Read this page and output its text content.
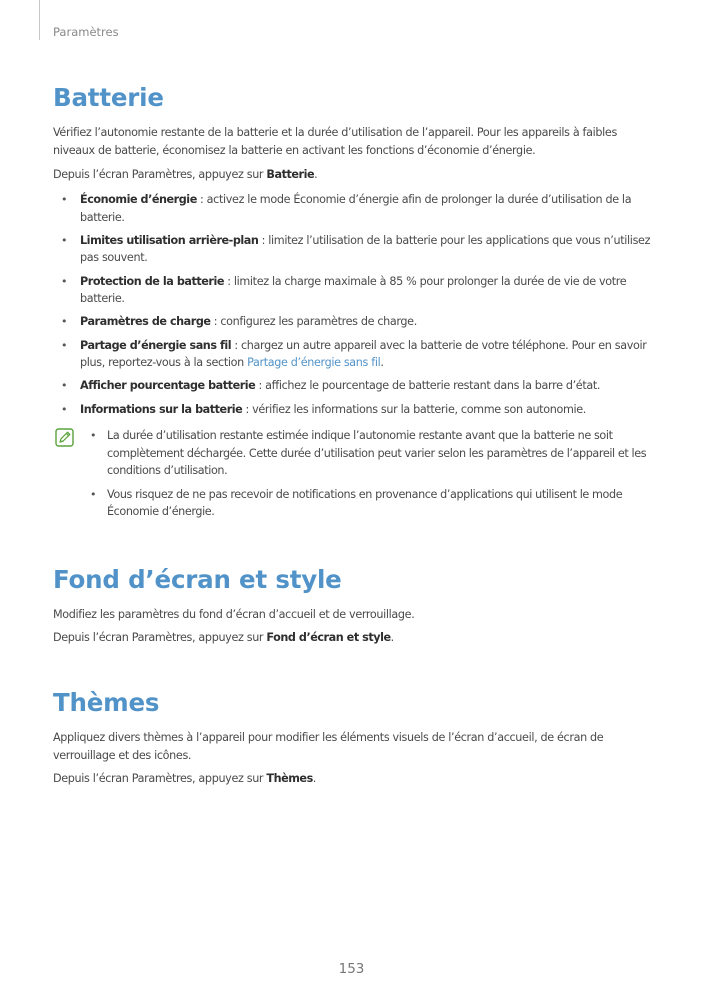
Paramètres
Batterie

Vérifiez l’autonomie restante de la batterie et la durée d’utilisation de l’appareil. Pour les appareils à faibles niveaux de batterie, économisez la batterie en activant les fonctions d’économie d’énergie.

Depuis l’écran Paramètres, appuyez sur Batterie.

• Économie d’énergie : activez le mode Économie d’énergie afin de prolonger la durée d’utilisation de la batterie.
• Limites utilisation arrière-plan : limitez l’utilisation de la batterie pour les applications que vous n’utilisez pas souvent.
• Protection de la batterie : limitez la charge maximale à 85 % pour prolonger la durée de vie de votre batterie.
• Paramètres de charge : configurez les paramètres de charge.
• Partage d’énergie sans fil : chargez un autre appareil avec la batterie de votre téléphone. Pour en savoir plus, reportez-vous à la section Partage d’énergie sans fil.
• Afficher pourcentage batterie : affichez le pourcentage de batterie restant dans la barre d’état.
• Informations sur la batterie : vérifiez les informations sur la batterie, comme son autonomie.
• La durée d’utilisation restante estimée indique l’autonomie restante avant que la batterie ne soit complètement déchargée. Cette durée d’utilisation peut varier selon les paramètres de l’appareil et les conditions d’utilisation.
• Vous risquez de ne pas recevoir de notifications en provenance d’applications qui utilisent le mode Économie d’énergie.
Fond d’écran et style

Modifiez les paramètres du fond d’écran d’accueil et de verrouillage.

Depuis l’écran Paramètres, appuyez sur Fond d’écran et style.

Thèmes

Appliquez divers thèmes à l’appareil pour modifier les éléments visuels de l’écran d’accueil, de écran de verrouillage et des icônes.

Depuis l’écran Paramètres, appuyez sur Thèmes.

153
